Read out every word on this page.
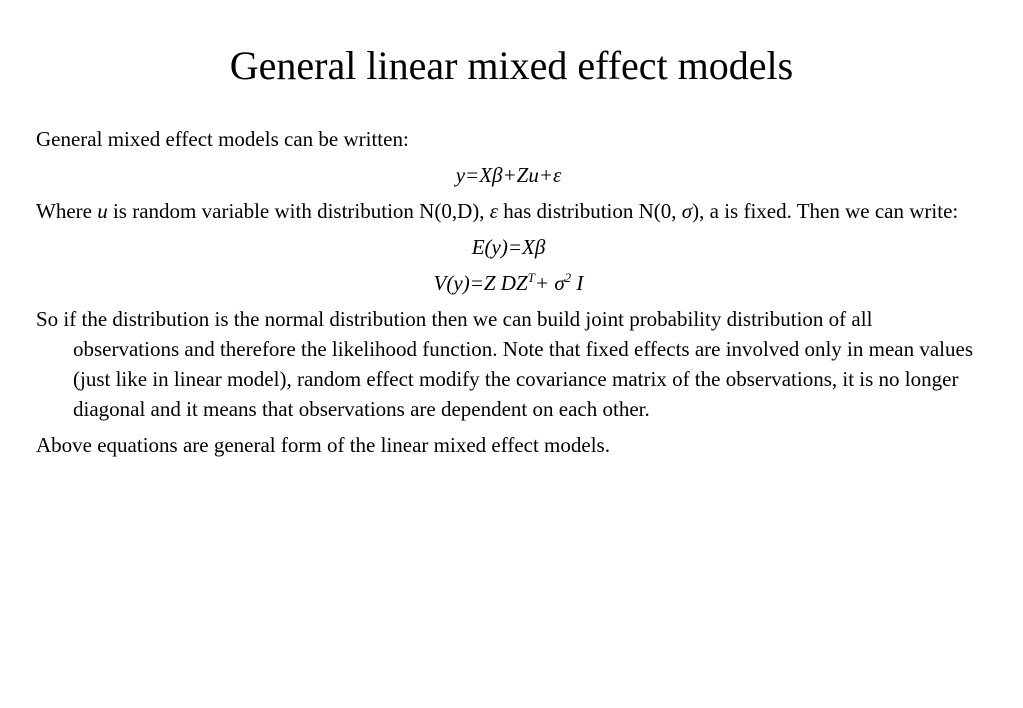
General linear mixed effect models

General mixed effect models can be written:

y=Xβ+Zu+ε

Where u is random variable with distribution N(0,D), ε has distribution N(0, σ), a is fixed. Then we can write:

E(y)=Xβ

V(y)=Z $DZ^T+ \sigma^2$ I

So if the distribution is the normal distribution then we can build joint probability distribution of all observations and therefore the likelihood function. Note that fixed effects are involved only in mean values (just like in linear model), random effect modify the covariance matrix of the observations, it is no longer diagonal and it means that observations are dependent on each other.

Above equations are general form of the linear mixed effect models.
